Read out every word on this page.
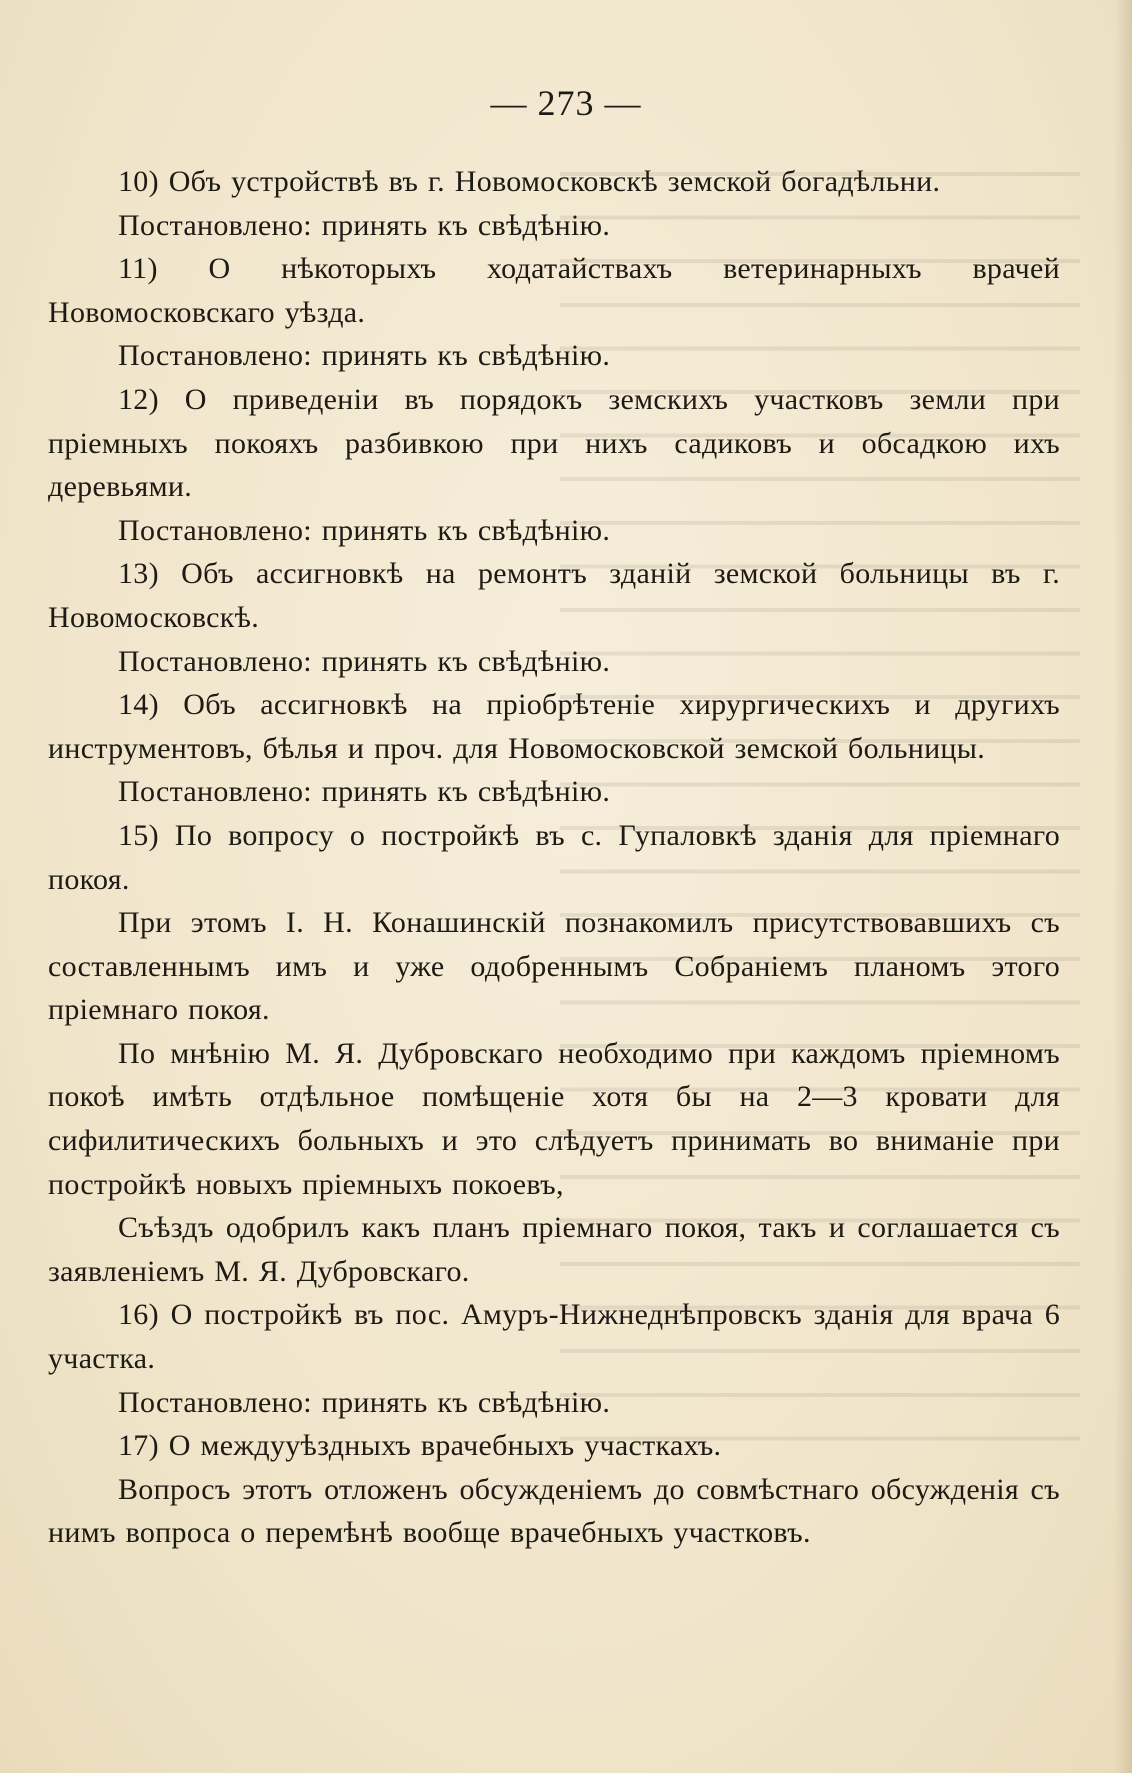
— 273 —

10) Объ устройствѣ въ г. Новомосковскѣ земской богадѣльни.

Постановлено: принять къ свѣдѣнію.

11) О нѣкоторыхъ ходатайствахъ ветеринарныхъ врачей Новомосковскаго уѣзда.

Постановлено: принять къ свѣдѣнію.

12) О приведеніи въ порядокъ земскихъ участковъ земли при пріемныхъ покояхъ разбивкою при нихъ садиковъ и обсадкою ихъ деревьями.

Постановлено: принять къ свѣдѣнію.

13) Объ ассигновкѣ на ремонтъ зданій земской больницы въ г. Новомосковскѣ.

Постановлено: принять къ свѣдѣнію.

14) Объ ассигновкѣ на пріобрѣтеніе хирургическихъ и другихъ инструментовъ, бѣлья и проч. для Новомосковской земской больницы.

Постановлено: принять къ свѣдѣнію.

15) По вопросу о постройкѣ въ с. Гупаловкѣ зданія для пріемнаго покоя.

При этомъ I. Н. Конашинскій познакомилъ присутствовавшихъ съ составленнымъ имъ и уже одобреннымъ Собраніемъ планомъ этого пріемнаго покоя.

По мнѣнію М. Я. Дубровскаго необходимо при каждомъ пріемномъ покоѣ имѣть отдѣльное помѣщеніе хотя бы на 2—3 кровати для сифилитическихъ больныхъ и это слѣдуетъ принимать во вниманіе при постройкѣ новыхъ пріемныхъ покоевъ,

Съѣздъ одобрилъ какъ планъ пріемнаго покоя, такъ и соглашается съ заявленіемъ М. Я. Дубровскаго.

16) О постройкѣ въ пос. Амуръ-Нижнеднѣпровскъ зданія для врача 6 участка.

Постановлено: принять къ свѣдѣнію.

17) О междууѣздныхъ врачебныхъ участкахъ.

Вопросъ этотъ отложенъ обсужденіемъ до совмѣстнаго обсужденія съ нимъ вопроса о перемѣнѣ вообще врачебныхъ участковъ.
